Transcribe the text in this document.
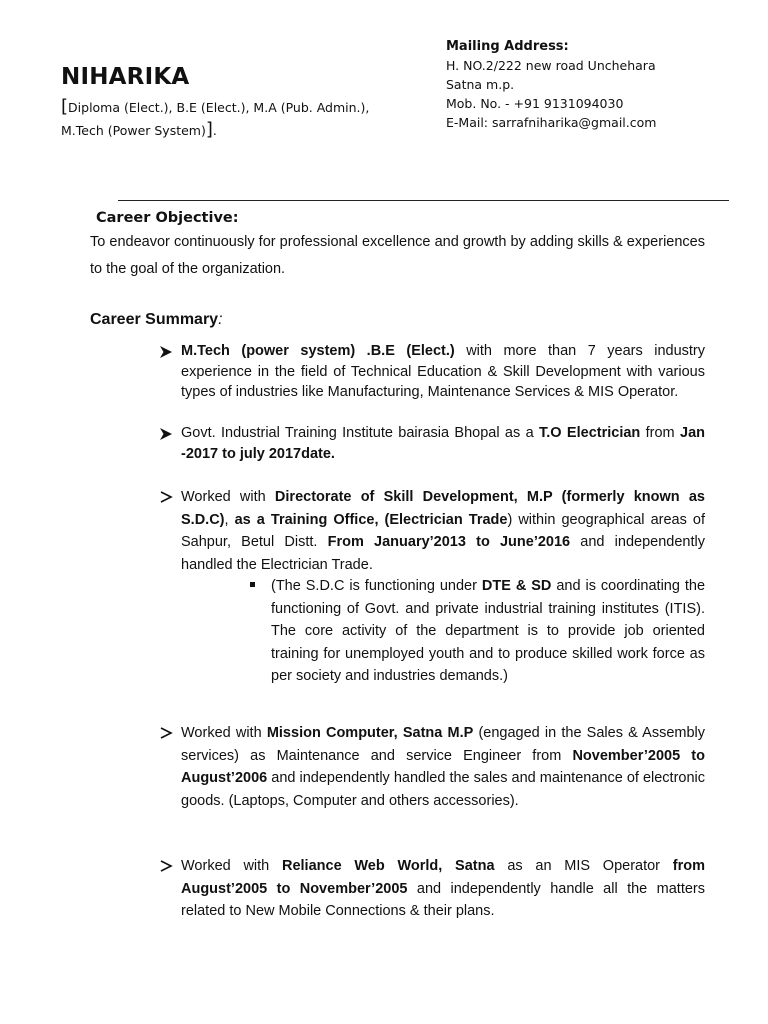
NIHARIKA
[Diploma (Elect.), B.E (Elect.), M.A (Pub. Admin.), M.Tech (Power System)].
Mailing Address:
H. NO.2/222 new road Unchehara
Satna m.p.
Mob. No. - +91 9131094030
E-Mail: sarrafniharika@gmail.com
Career Objective:
To endeavor continuously for professional excellence and growth by adding skills & experiences to the goal of the organization.
Career Summary:
M.Tech (power system) .B.E (Elect.) with more than 7 years industry experience in the field of Technical Education & Skill Development with various types of industries like Manufacturing, Maintenance Services & MIS Operator.
Govt. Industrial Training Institute bairasia Bhopal as a T.O Electrician from Jan -2017 to july 2017date.
Worked with Directorate of Skill Development, M.P (formerly known as S.D.C), as a Training Office, (Electrician Trade) within geographical areas of Sahpur, Betul Distt. From January’2013 to June’2016 and independently handled the Electrician Trade.
(The S.D.C is functioning under DTE & SD and is coordinating the functioning of Govt. and private industrial training institutes (ITIS). The core activity of the department is to provide job oriented training for unemployed youth and to produce skilled work force as per society and industries demands.)
Worked with Mission Computer, Satna M.P (engaged in the Sales & Assembly services) as Maintenance and service Engineer from November’2005 to August’2006 and independently handled the sales and maintenance of electronic goods. (Laptops, Computer and others accessories).
Worked with Reliance Web World, Satna as an MIS Operator from August’2005 to November’2005 and independently handle all the matters related to New Mobile Connections & their plans.
